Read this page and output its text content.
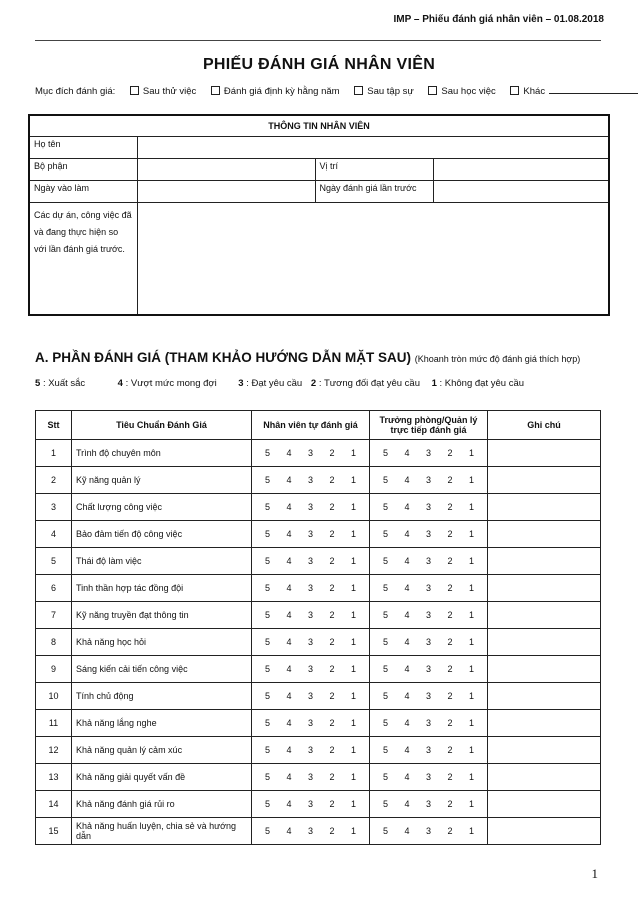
IMP – Phiếu đánh giá nhân viên – 01.08.2018
PHIẾU ĐÁNH GIÁ NHÂN VIÊN
Mục đích đánh giá:	Sau thử việc	Đánh giá định kỳ hằng năm	Sau tập sự	Sau học việc	Khác
THÔNG TIN NHÂN VIÊN			
Họ tên			
Bộ phận		Vị trí	
Ngày vào làm		Ngày đánh giá lần trước	
Các dự án, công việc đã và đang thực hiện so với lần đánh giá trước.			
A. PHẦN ĐÁNH GIÁ (THAM KHẢO HƯỚNG DẪN MẶT SAU) (Khoanh tròn mức độ đánh giá thích hợp)
5 : Xuất sắc	4 : Vượt mức mong đợi 3 : Đạt yêu cầu 2 : Tương đối đạt yêu cầu 1 : Không đạt yêu cầu
Stt	Tiêu Chuẩn Đánh Giá	Nhân viên tự đánh giá	Trưởng phòng/Quản lý trực tiếp đánh giá	Ghi chú
1	Trình độ chuyên môn	5 4 3 2 1	5 4 3 2 1	
2	Kỹ năng quản lý	5 4 3 2 1	5 4 3 2 1	
3	Chất lượng công việc	5 4 3 2 1	5 4 3 2 1	
4	Bảo đảm tiến độ công việc	5 4 3 2 1	5 4 3 2 1	
5	Thái độ làm việc	5 4 3 2 1	5 4 3 2 1	
6	Tinh thần hợp tác đồng đội	5 4 3 2 1	5 4 3 2 1	
7	Kỹ năng truyền đạt thông tin	5 4 3 2 1	5 4 3 2 1	
8	Khả năng học hỏi	5 4 3 2 1	5 4 3 2 1	
9	Sáng kiến cải tiến công việc	5 4 3 2 1	5 4 3 2 1	
10	Tính chủ động	5 4 3 2 1	5 4 3 2 1	
11	Khả năng lắng nghe	5 4 3 2 1	5 4 3 2 1	
12	Khả năng quản lý cảm xúc	5 4 3 2 1	5 4 3 2 1	
13	Khả năng giải quyết vấn đề	5 4 3 2 1	5 4 3 2 1	
14	Khả năng đánh giá rủi ro	5 4 3 2 1	5 4 3 2 1	
15	Khả năng huấn luyện, chia sẻ và hướng dẫn	5 4 3 2 1	5 4 3 2 1	
1
